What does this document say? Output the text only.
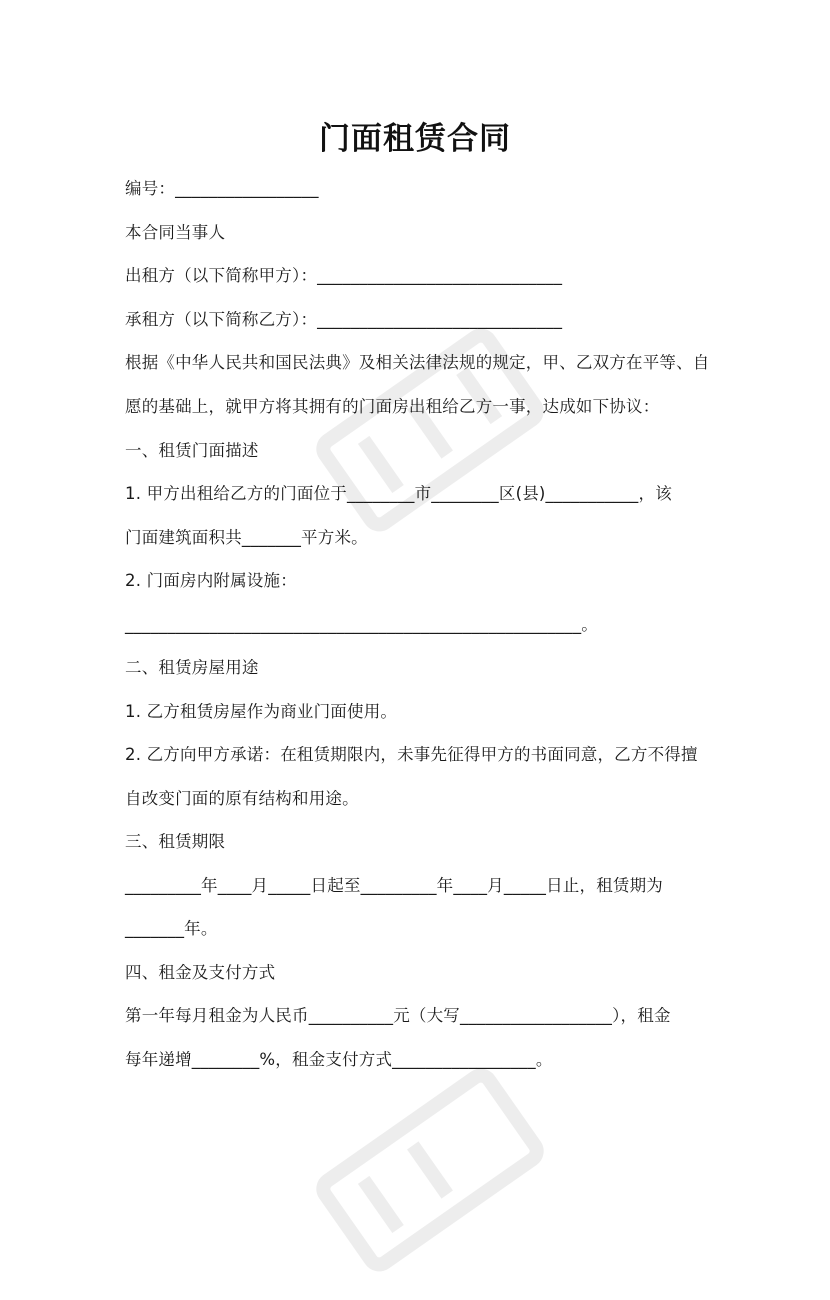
门面租赁合同
编号：_________________
本合同当事人
出租方（以下简称甲方）：_____________________________
承租方（以下简称乙方）：_____________________________
根据《中华人民共和国民法典》及相关法律法规的规定，甲、乙双方在平等、自
愿的基础上，就甲方将其拥有的门面房出租给乙方一事，达成如下协议：
一、租赁门面描述
1. 甲方出租给乙方的门面位于________市________区(县)___________，该
门面建筑面积共_______平方米。
2. 门面房内附属设施：
______________________________________________________。
二、租赁房屋用途
1. 乙方租赁房屋作为商业门面使用。
2. 乙方向甲方承诺：在租赁期限内，未事先征得甲方的书面同意，乙方不得擅
自改变门面的原有结构和用途。
三、租赁期限
_________年____月_____日起至_________年____月_____日止，租赁期为
_______年。
四、租金及支付方式
第一年每月租金为人民币__________元（大写__________________），租金
每年递增________%，租金支付方式_________________。
